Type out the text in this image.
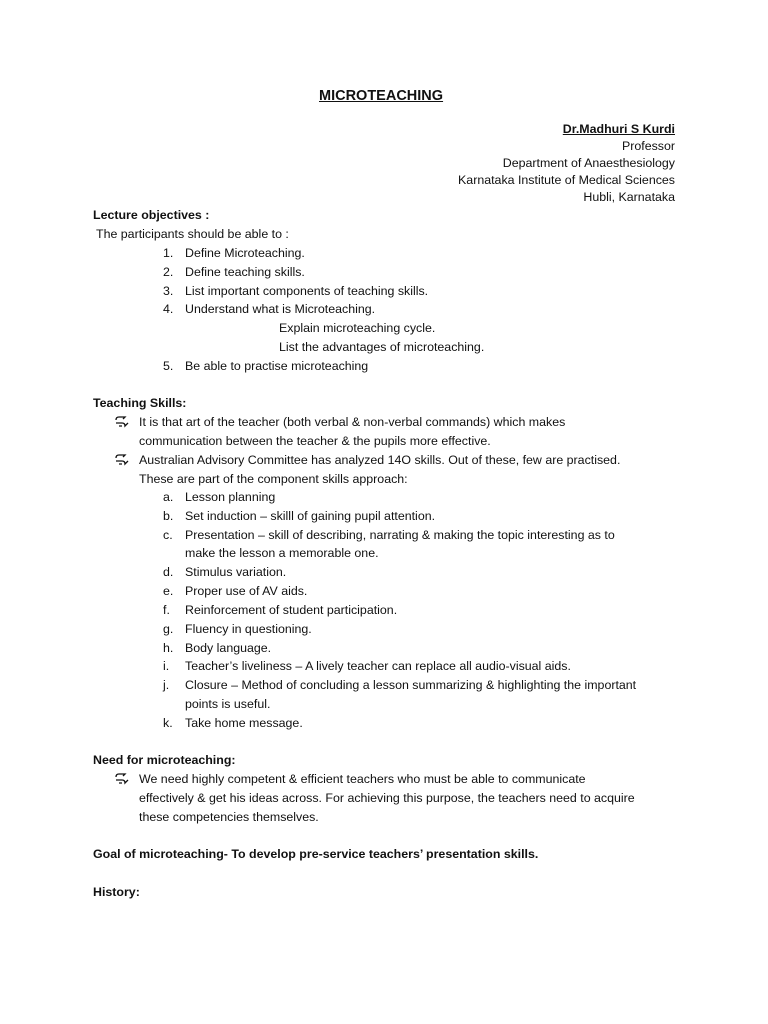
MICROTEACHING
Dr.Madhuri S Kurdi
Professor
Department of Anaesthesiology
Karnataka Institute of Medical Sciences
Hubli, Karnataka
Lecture objectives :
The participants should be able to :
1. Define Microteaching.
2. Define teaching skills.
3. List important components of teaching skills.
4. Understand what is Microteaching.
Explain microteaching cycle.
List the advantages of microteaching.
5. Be able to practise microteaching
Teaching Skills:
It is that art of the teacher (both verbal & non-verbal commands) which makes
communication between the teacher & the pupils more effective.
Australian Advisory Committee has analyzed 14O skills. Out of these, few are practised.
These are part of the component skills approach:
a. Lesson planning
b. Set induction – skilll of gaining pupil attention.
c. Presentation – skill of describing, narrating & making the topic interesting as to
make the lesson a memorable one.
d. Stimulus variation.
e. Proper use of AV aids.
f. Reinforcement of student participation.
g. Fluency in questioning.
h. Body language.
i. Teacher’s liveliness – A lively teacher can replace all audio-visual aids.
j. Closure – Method of concluding a lesson summarizing & highlighting the important
points is useful.
k. Take home message.
Need for microteaching:
We need highly competent & efficient teachers who must be able to communicate
effectively & get his ideas across. For achieving this purpose, the teachers need to acquire
these competencies themselves.
Goal of microteaching- To develop pre-service teachers’ presentation skills.
History:
